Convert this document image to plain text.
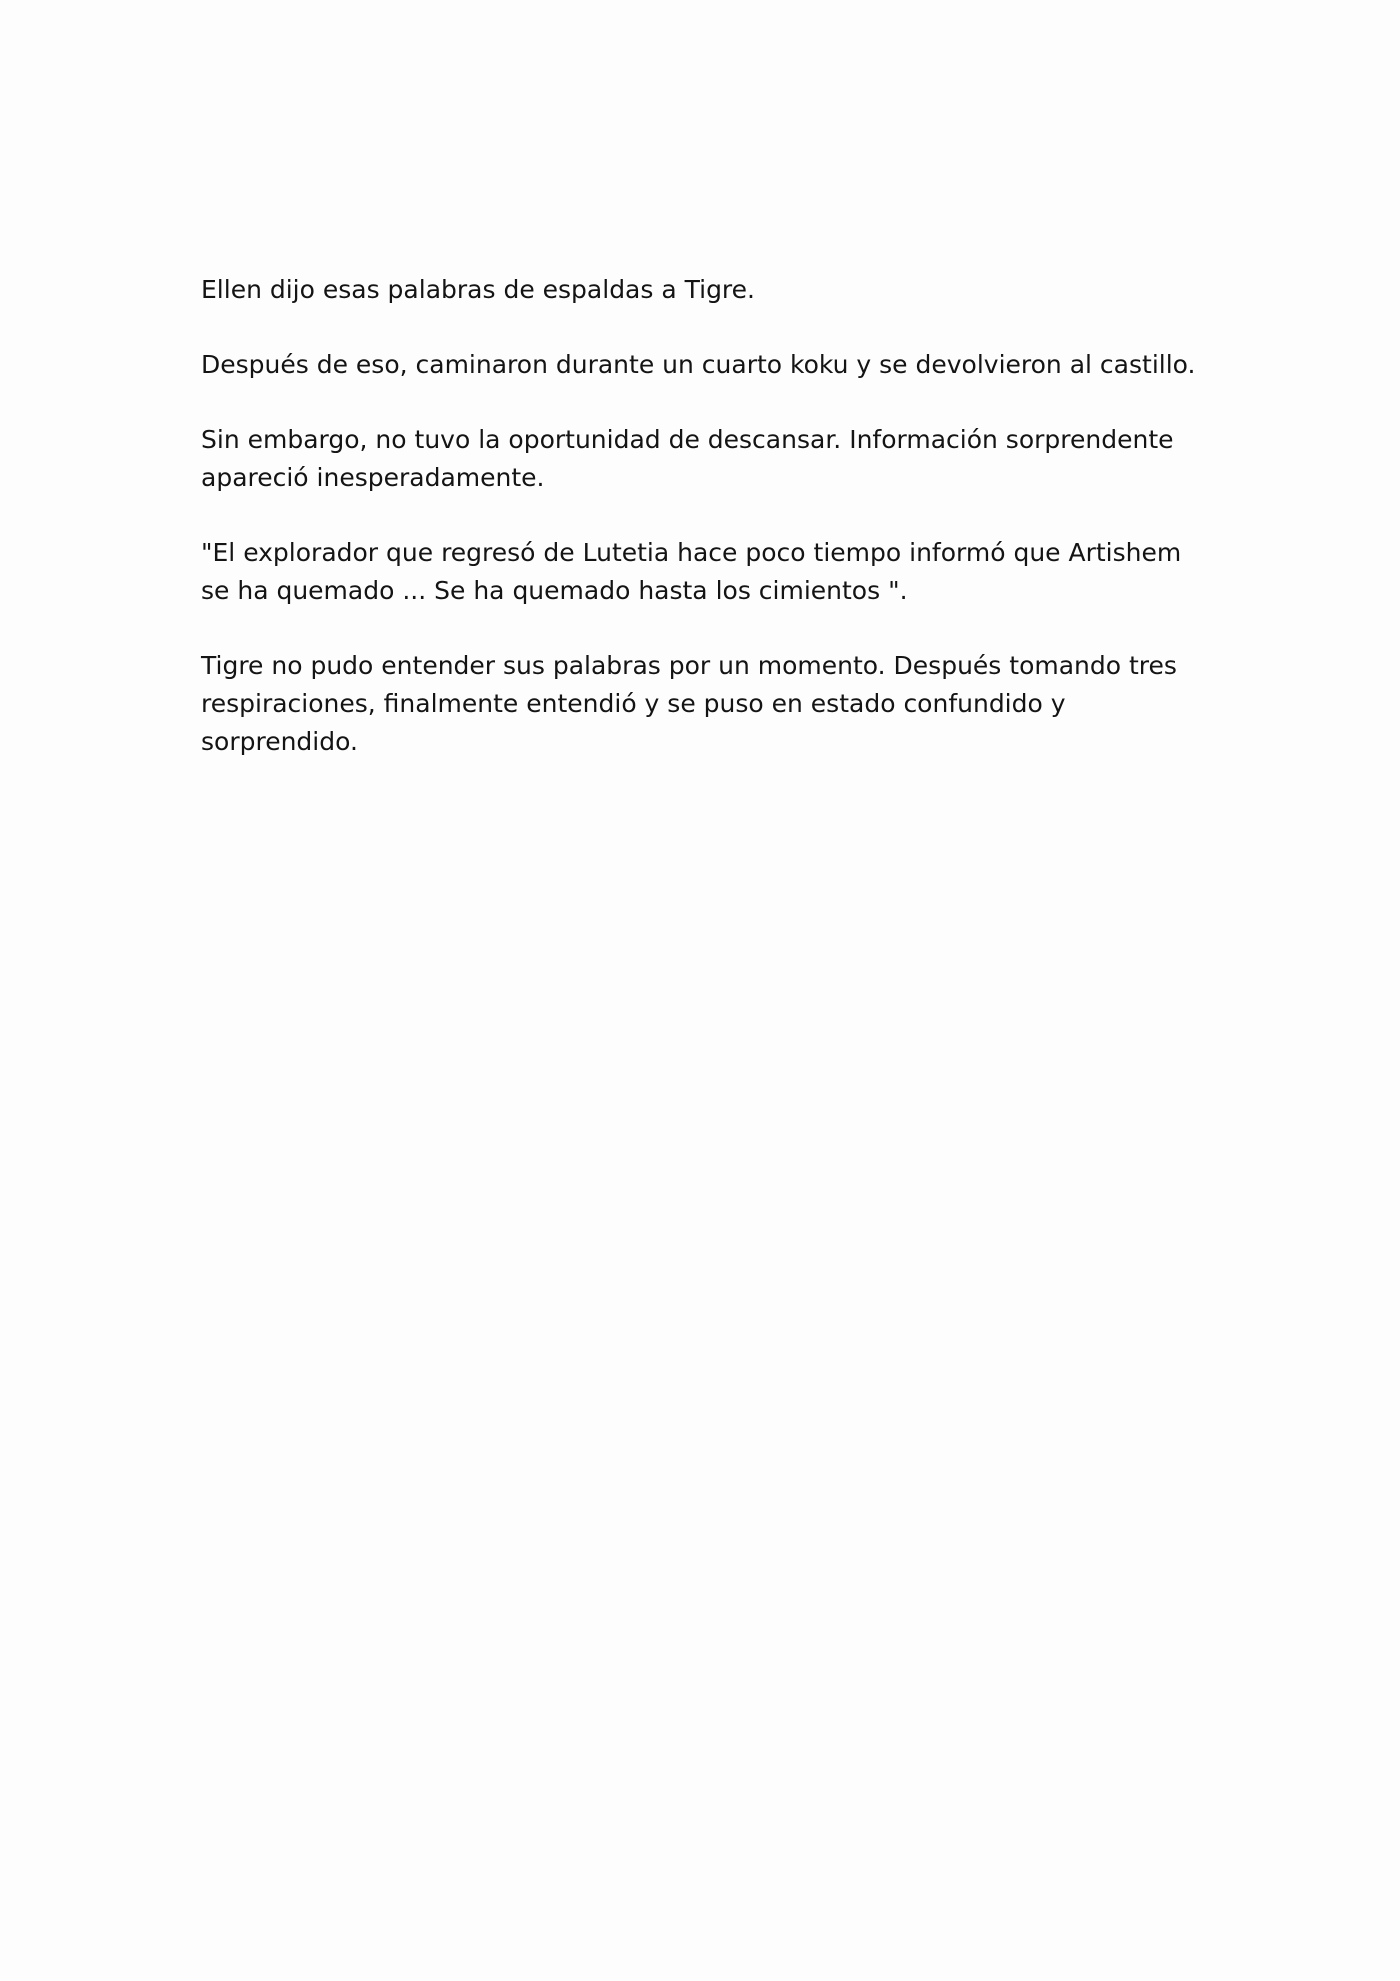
Ellen dijo esas palabras de espaldas a Tigre.

Después de eso, caminaron durante un cuarto koku y se devolvieron al castillo.

Sin embargo, no tuvo la oportunidad de descansar. Información sorprendente apareció inesperadamente.

"El explorador que regresó de Lutetia hace poco tiempo informó que Artishem se ha quemado ... Se ha quemado hasta los cimientos ".

Tigre no pudo entender sus palabras por un momento. Después tomando tres respiraciones, finalmente entendió y se puso en estado confundido y sorprendido.
